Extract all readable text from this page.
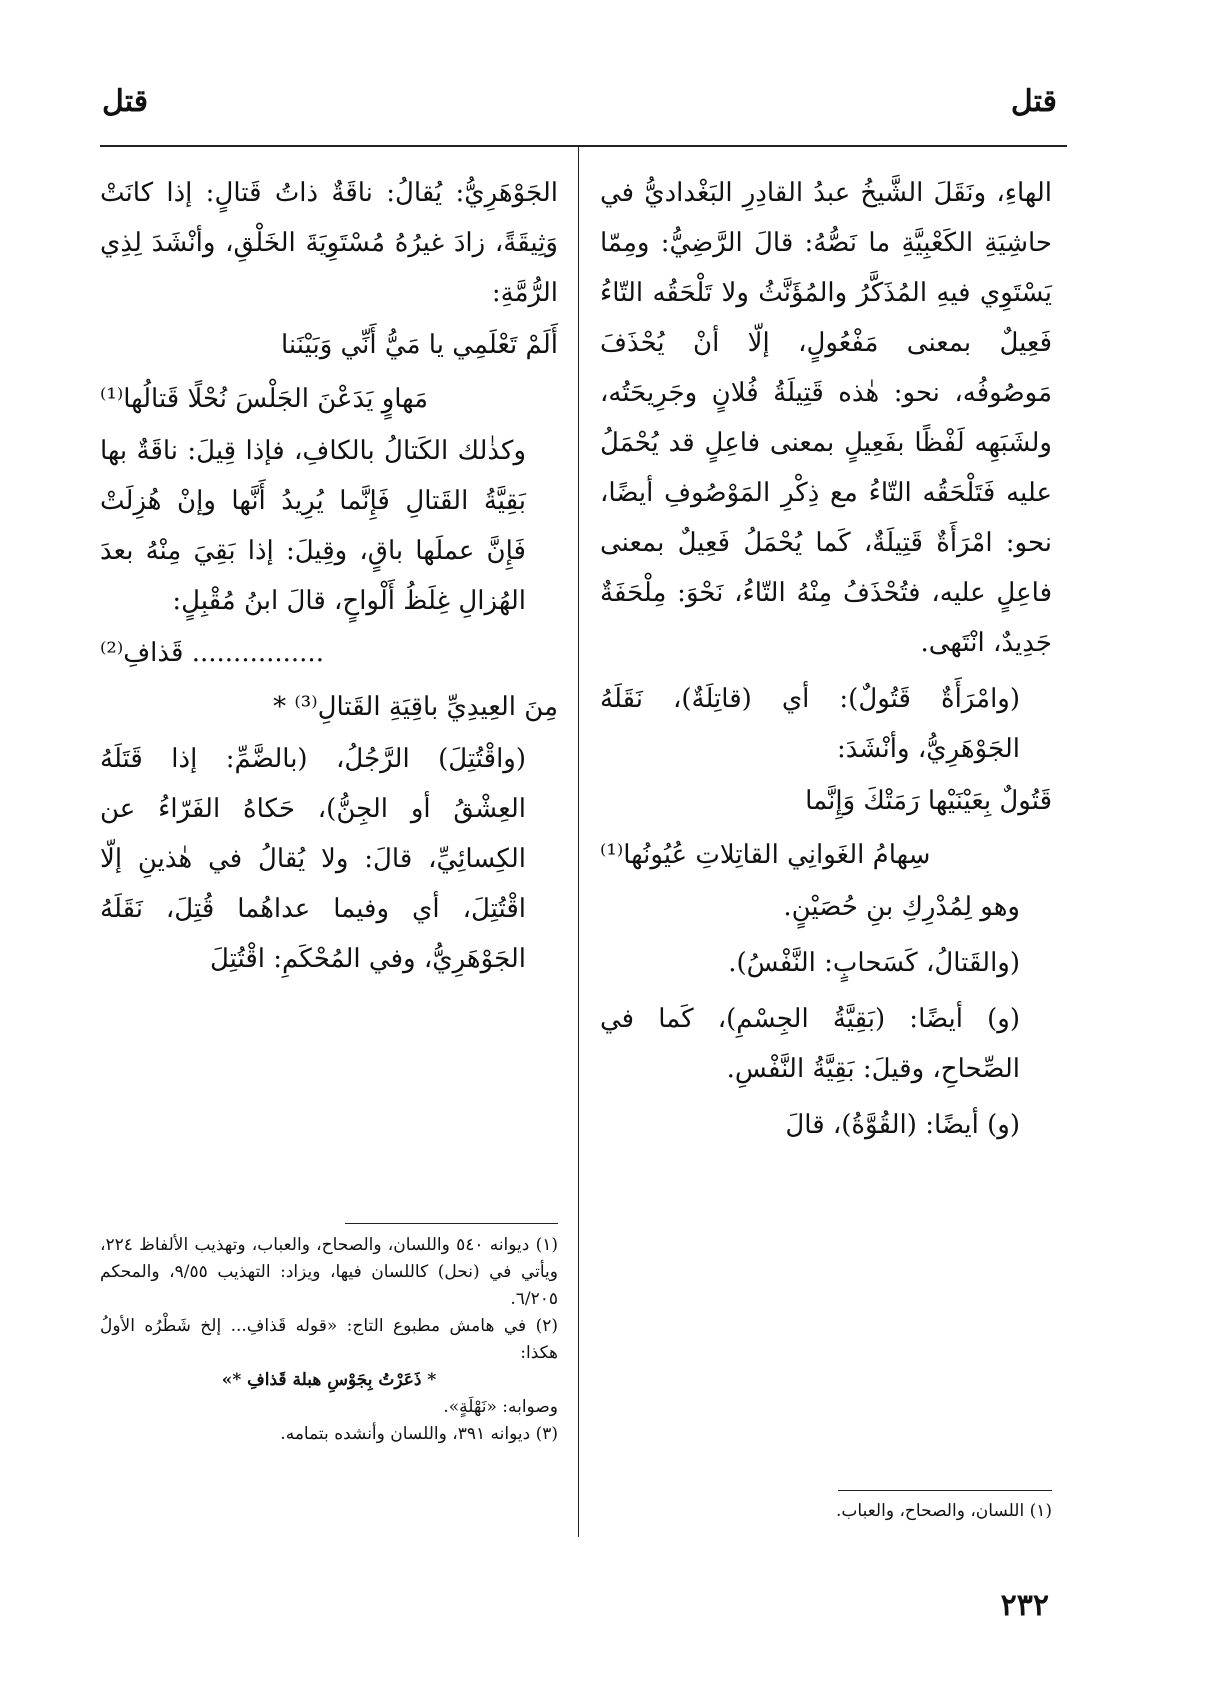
قتل
قتل

الهاءِ، ونَقَلَ الشَّيخُ عبدُ القادِرِ البَغْداديُّ في حاشِيَةِ الكَعْبِيَّةِ ما نَصُّهُ: قالَ الرَّضِيُّ: ومِمّا يَسْتَوِي فيهِ المُذَكَّرُ والمُؤَنَّثُ ولا تَلْحَقُه التّاءُ فَعِيلٌ بمعنى مَفْعُولٍ، إلّا أنْ يُحْذَفَ مَوصُوفُه، نحو: هٰذه قَتِيلَةُ فُلانٍ وجَرِيحَتُه، ولشَبَهِه لَفْظًا بفَعِيلٍ بمعنى فاعِلٍ قد يُحْمَلُ عليه فَتَلْحَقُه التّاءُ مع ذِكْرِ المَوْصُوفِ أيضًا، نحو: امْرَأَةٌ قَتِيلَةٌ، كَما يُحْمَلُ فَعِيلٌ بمعنى فاعِلٍ عليه، فتُحْذَفُ مِنْهُ التّاءُ، نَحْوَ: مِلْحَفَةٌ جَدِيدٌ، انْتَهى.

(وامْرَأَةٌ قَتُولٌ): أي (قاتِلَةٌ)، نَقَلَهُ الجَوْهَرِيُّ، وأنْشَدَ:

قَتُولٌ بِعَيْنَيْها رَمَتْكَ وَإِنَّما

سِهامُ الغَوانِي القاتِلاتِ عُيُونُها⁽¹⁾

وهو لِمُدْرِكِ بنِ حُصَيْنٍ.

(والقَتالُ، كَسَحابٍ: النَّفْسُ).

(و) أيضًا: (بَقِيَّةُ الجِسْمِ)، كَما في الصِّحاحِ، وقيلَ: بَقِيَّةُ النَّفْسِ.

(و) أيضًا: (القُوَّةُ)، قالَ

الجَوْهَرِيُّ: يُقالُ: ناقَةٌ ذاتُ قَتالٍ: إذا كانَتْ وَثِيقَةً، زادَ غيرُهُ مُسْتَوِيَةَ الخَلْقِ، وأنْشَدَ لِذِي الرُّمَّةِ:

أَلَمْ تَعْلَمِي يا مَيُّ أَنِّي وَبَيْنَنا

مَهاوٍ يَدَعْنَ الجَلْسَ نُحْلًا قَتالُها⁽¹⁾

وكذٰلك الكَتالُ بالكافِ، فإذا قِيلَ: ناقَةٌ بها بَقِيَّةُ القَتالِ فَإِنَّما يُرِيدُ أَنَّها وإنْ هُزِلَتْ فَإِنَّ عملَها باقٍ، وقِيلَ: إذا بَقِيَ مِنْهُ بعدَ الهُزالِ غِلَظُ أَلْواحٍ، قالَ ابنُ مُقْبِلٍ:

................ قَذافِ⁽²⁾

مِنَ العِيدِيِّ باقِيَةِ القَتالِ⁽³⁾ *

(واقْتُتِلَ) الرَّجُلُ، (بالضَّمِّ: إذا قَتَلَهُ العِشْقُ أو الجِنُّ)، حَكاهُ الفَرّاءُ عن الكِسائِيِّ، قالَ: ولا يُقالُ في هٰذينِ إلّا اقْتُتِلَ، أي وفيما عداهُما قُتِلَ، نَقَلَهُ الجَوْهَرِيُّ، وفي المُحْكَمِ: اقْتُتِلَ

(١) اللسان، والصحاح، والعباب.

(١) ديوانه ٥٤٠ واللسان، والصحاح، والعباب، وتهذيب الألفاظ ٢٢٤، ويأتي في (نحل) كاللسان فيها، ويزاد: التهذيب ٩/٥٥، والمحكم ٦/٢٠٥.

(٢) في هامش مطبوع التاج: «قوله قَذافِ... إلخ شَطْرُه الأولُ هكذا:

* ذَعَرْتُ بِجَوْسِ هبلة قَذافِ *»

وصوابه: «نَهْلَةٍ».

(٣) ديوانه ٣٩١، واللسان وأنشده بتمامه.

٢٣٢
